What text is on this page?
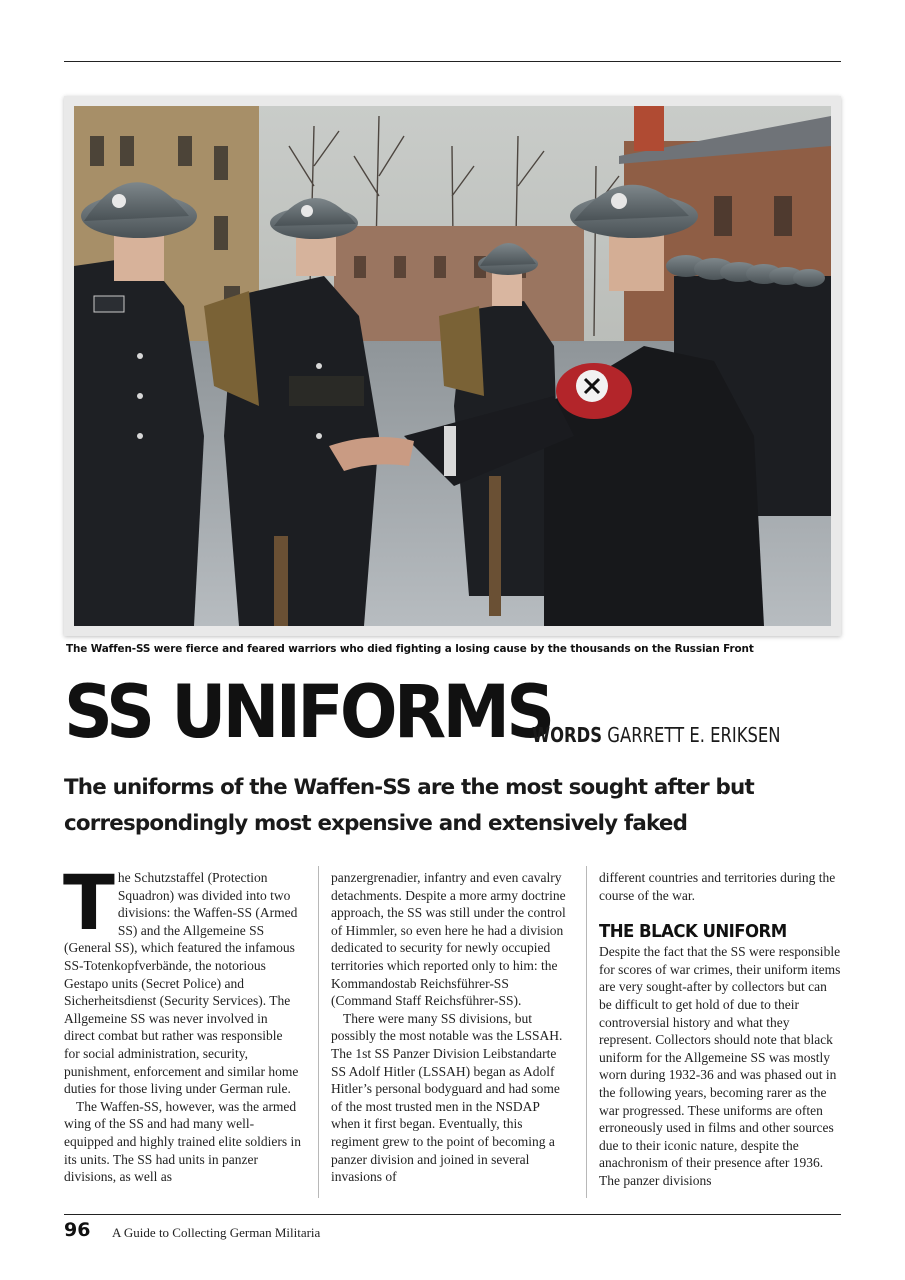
The Waffen-SS were fierce and feared warriors who died fighting a losing cause by the thousands on the Russian Front
SS UNIFORMS
WORDS GARRETT E. ERIKSEN

The uniforms of the Waffen-SS are the most sought after but correspondingly most expensive and extensively faked

T he Schutzstaffel (Protection Squadron) was divided into two divisions: the Waffen-SS (Armed SS) and the Allgemeine SS (General SS), which featured the infamous SS-Totenkopfverbände, the notorious Gestapo units (Secret Police) and Sicherheitsdienst (Security Services). The Allgemeine SS was never involved in direct combat but rather was responsible for social administration, security, punishment, enforcement and similar home duties for those living under German rule.

The Waffen-SS, however, was the armed wing of the SS and had many well-equipped and highly trained elite soldiers in its units. The SS had units in panzer divisions, as well as

panzergrenadier, infantry and even cavalry detachments. Despite a more army doctrine approach, the SS was still under the control of Himmler, so even here he had a division dedicated to security for newly occupied territories which reported only to him: the Kommandostab Reichsführer-SS (Command Staff Reichsführer-SS).

There were many SS divisions, but possibly the most notable was the LSSAH. The 1st SS Panzer Division Leibstandarte SS Adolf Hitler (LSSAH) began as Adolf Hitler’s personal bodyguard and had some of the most trusted men in the NSDAP when it first began. Eventually, this regiment grew to the point of becoming a panzer division and joined in several invasions of

different countries and territories during the course of the war.

THE BLACK UNIFORM

Despite the fact that the SS were responsible for scores of war crimes, their uniform items are very sought-after by collectors but can be difficult to get hold of due to their controversial history and what they represent. Collectors should note that black uniform for the Allgemeine SS was mostly worn during 1932-36 and was phased out in the following years, becoming rarer as the war progressed. These uniforms are often erroneously used in films and other sources due to their iconic nature, despite the anachronism of their presence after 1936. The panzer divisions

96 A Guide to Collecting German Militaria
